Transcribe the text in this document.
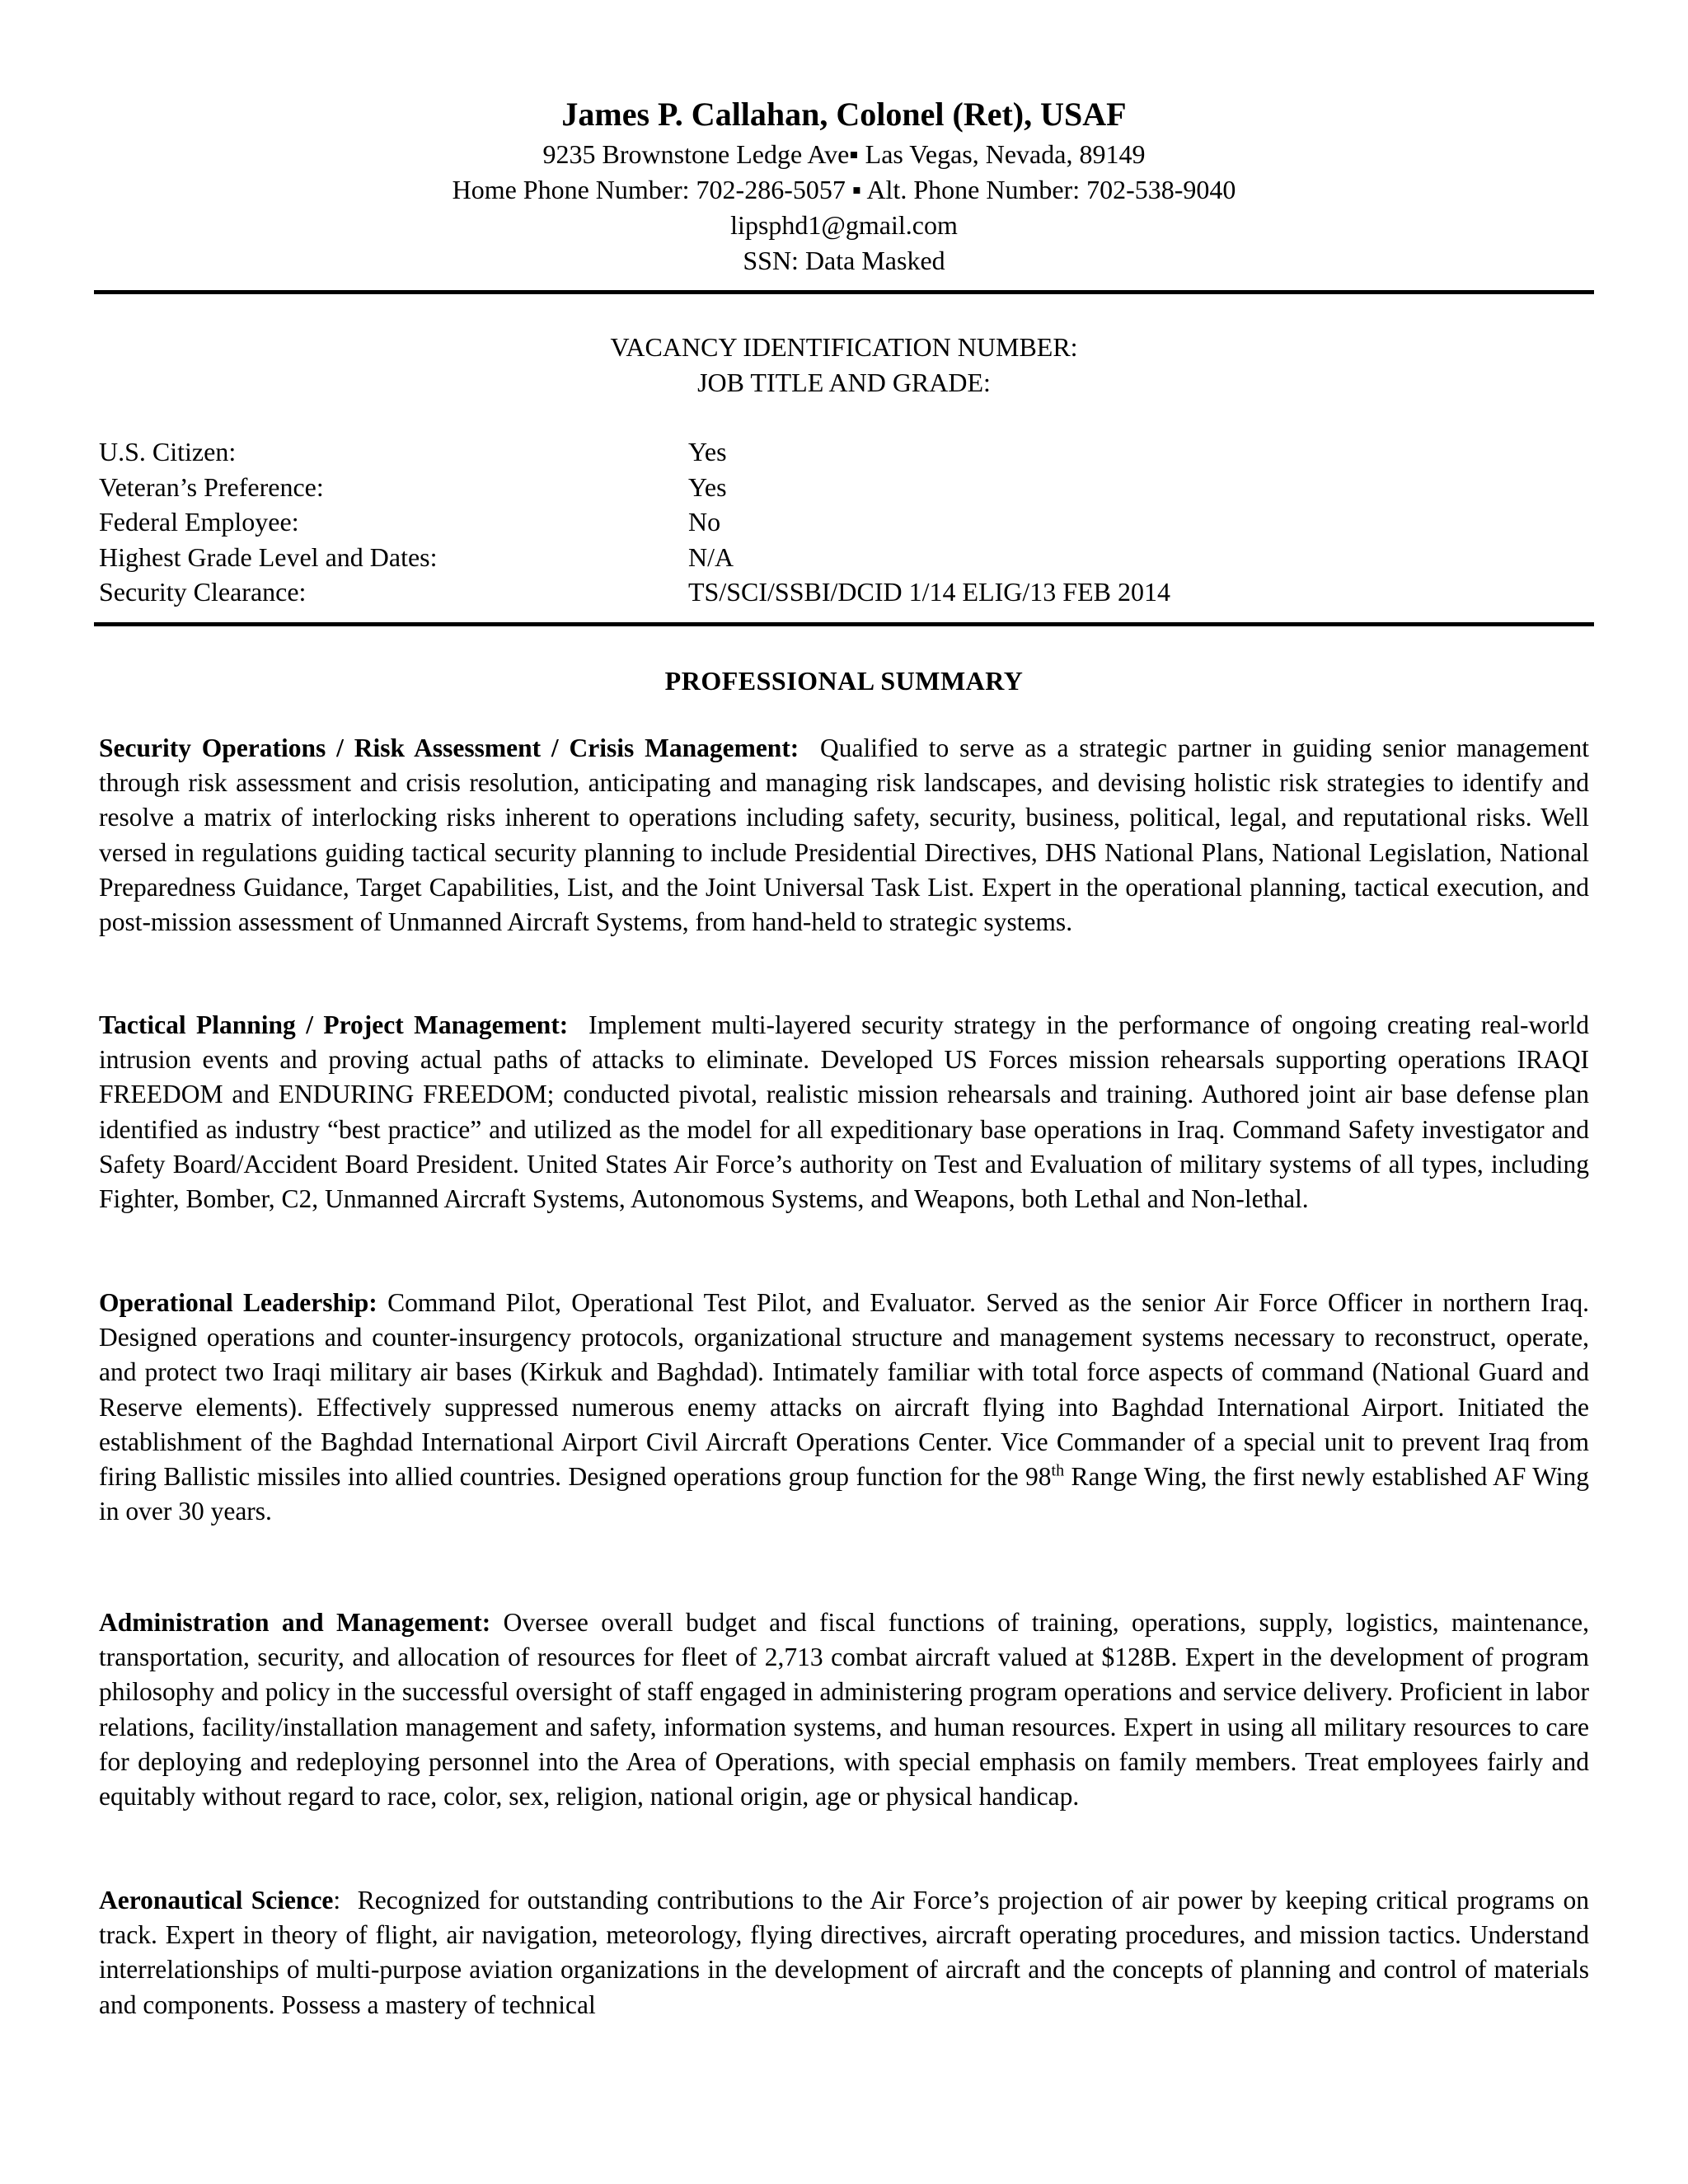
James P. Callahan, Colonel (Ret), USAF
9235 Brownstone Ledge Ave▪ Las Vegas, Nevada, 89149
Home Phone Number: 702-286-5057 ▪ Alt. Phone Number: 702-538-9040
lipsphd1@gmail.com
SSN: Data Masked
VACANCY IDENTIFICATION NUMBER:
JOB TITLE AND GRADE:
U.S. Citizen:	Yes
Veteran’s Preference:	Yes
Federal Employee:	No
Highest Grade Level and Dates:	N/A
Security Clearance:	TS/SCI/SSBI/DCID 1/14 ELIG/13 FEB 2014
PROFESSIONAL SUMMARY

Security Operations / Risk Assessment / Crisis Management: Qualified to serve as a strategic partner in guiding senior management through risk assessment and crisis resolution, anticipating and managing risk landscapes, and devising holistic risk strategies to identify and resolve a matrix of interlocking risks inherent to operations including safety, security, business, political, legal, and reputational risks. Well versed in regulations guiding tactical security planning to include Presidential Directives, DHS National Plans, National Legislation, National Preparedness Guidance, Target Capabilities, List, and the Joint Universal Task List. Expert in the operational planning, tactical execution, and post-mission assessment of Unmanned Aircraft Systems, from hand-held to strategic systems.

Tactical Planning / Project Management: Implement multi-layered security strategy in the performance of ongoing creating real-world intrusion events and proving actual paths of attacks to eliminate. Developed US Forces mission rehearsals supporting operations IRAQI FREEDOM and ENDURING FREEDOM; conducted pivotal, realistic mission rehearsals and training. Authored joint air base defense plan identified as industry “best practice” and utilized as the model for all expeditionary base operations in Iraq. Command Safety investigator and Safety Board/Accident Board President. United States Air Force’s authority on Test and Evaluation of military systems of all types, including Fighter, Bomber, C2, Unmanned Aircraft Systems, Autonomous Systems, and Weapons, both Lethal and Non-lethal.

Operational Leadership: Command Pilot, Operational Test Pilot, and Evaluator. Served as the senior Air Force Officer in northern Iraq. Designed operations and counter-insurgency protocols, organizational structure and management systems necessary to reconstruct, operate, and protect two Iraqi military air bases (Kirkuk and Baghdad). Intimately familiar with total force aspects of command (National Guard and Reserve elements). Effectively suppressed numerous enemy attacks on aircraft flying into Baghdad International Airport. Initiated the establishment of the Baghdad International Airport Civil Aircraft Operations Center. Vice Commander of a special unit to prevent Iraq from firing Ballistic missiles into allied countries. Designed operations group function for the 98th Range Wing, the first newly established AF Wing in over 30 years.

Administration and Management: Oversee overall budget and fiscal functions of training, operations, supply, logistics, maintenance, transportation, security, and allocation of resources for fleet of 2,713 combat aircraft valued at $128B. Expert in the development of program philosophy and policy in the successful oversight of staff engaged in administering program operations and service delivery. Proficient in labor relations, facility/installation management and safety, information systems, and human resources. Expert in using all military resources to care for deploying and redeploying personnel into the Area of Operations, with special emphasis on family members. Treat employees fairly and equitably without regard to race, color, sex, religion, national origin, age or physical handicap.

Aeronautical Science: Recognized for outstanding contributions to the Air Force’s projection of air power by keeping critical programs on track. Expert in theory of flight, air navigation, meteorology, flying directives, aircraft operating procedures, and mission tactics. Understand interrelationships of multi-purpose aviation organizations in the development of aircraft and the concepts of planning and control of materials and components. Possess a mastery of technical
